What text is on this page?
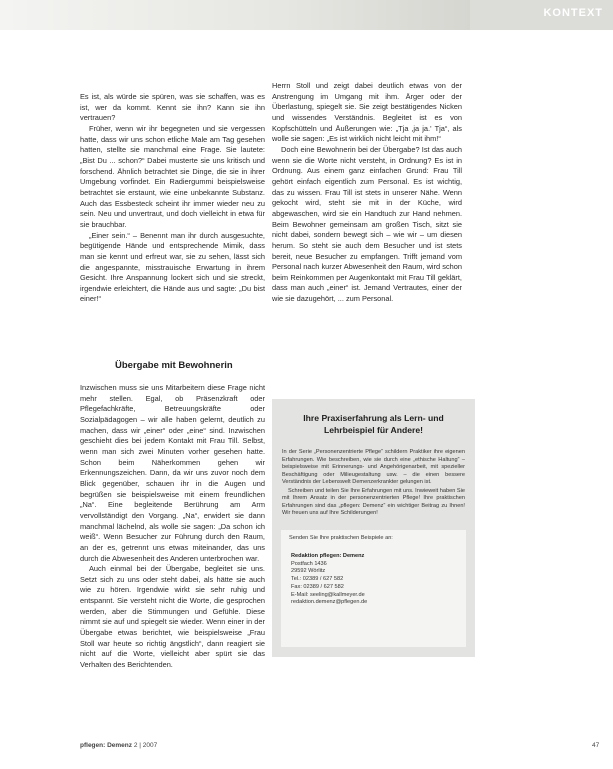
KONTEXT

Es ist, als würde sie spüren, was sie schaffen, was es ist, wer da kommt. Kennt sie ihn? Kann sie ihn vertrauen?

Früher, wenn wir ihr begegneten und sie vergessen hatte, dass wir uns schon etliche Male am Tag gesehen hatten, stellte sie manchmal eine Frage. Sie lautete: „Bist Du ... schon?“ Dabei musterte sie uns kritisch und forschend. Ähnlich betrachtet sie Dinge, die sie in ihrer Umgebung vorfindet. Ein Radiergummi beispielsweise betrachtet sie erstaunt, wie eine unbekannte Substanz. Auch das Essbesteck scheint ihr immer wieder neu zu sein. Neu und unvertraut, und doch vielleicht in etwa für sie brauchbar.

„Einer sein.“ – Benennt man ihr durch ausgesuchte, begütigende Hände und entsprechende Mimik, dass man sie kennt und erfreut war, sie zu sehen, lässt sich die angespannte, misstrauische Erwartung in ihrem Gesicht. Ihre Anspannung lockert sich und sie streckt, irgendwie erleichtert, die Hände aus und sagte: „Du bist einer!“

Übergabe mit Bewohnerin

Inzwischen muss sie uns Mitarbeitern diese Frage nicht mehr stellen. Egal, ob Präsenzkraft oder Pflegefachkräfte, Betreuungskräfte oder Sozialpädagogen – wir alle haben gelernt, deutlich zu machen, dass wir „einer“ oder „eine“ sind. Inzwischen geschieht dies bei jedem Kontakt mit Frau Till. Selbst, wenn man sich zwei Minuten vorher gesehen hatte. Schon beim Näherkommen gehen wir Erkennungszeichen. Dann, da wir uns zuvor noch dem Blick gegenüber, schauen ihr in die Augen und begrüßen sie beispielsweise mit einem freundlichen „Na“. Eine begleitende Berührung am Arm vervollständigt den Vorgang. „Na“, erwidert sie dann manchmal lächelnd, als wolle sie sagen: „Da schon ich weiß“. Wenn Besucher zur Führung durch den Raum, an der es, getrennt uns etwas miteinander, das uns durch die Abwesenheit des Anderen unterbrochen war.

Auch einmal bei der Übergabe, begleitet sie uns. Setzt sich zu uns oder steht dabei, als hätte sie auch wie zu hören. Irgendwie wirkt sie sehr ruhig und entspannt. Sie versteht nicht die Worte, die gesprochen werden, aber die Stimmungen und Gefühle. Diese nimmt sie auf und spiegelt sie wieder. Wenn einer in der Übergabe etwas berichtet, wie beispielsweise „Frau Stoll war heute so richtig ängstlich“, dann reagiert sie nicht auf die Worte, vielleicht aber spürt sie das Verhalten des Berichtenden.

Herrn Stoll und zeigt dabei deutlich etwas von der Anstrengung im Umgang mit ihm. Ärger oder der Überlastung, spiegelt sie. Sie zeigt bestätigendes Nicken und wissendes Verständnis. Begleitet ist es von Kopfschütteln und Äußerungen wie: „Tja ‚ja ja.' Tja“, als wolle sie sagen: „Es ist wirklich nicht leicht mit ihm!“

Doch eine Bewohnerin bei der Übergabe? Ist das auch wenn sie die Worte nicht versteht, in Ordnung? Es ist in Ordnung. Aus einem ganz einfachen Grund: Frau Till gehört einfach eigentlich zum Personal. Es ist wichtig, das zu wissen. Frau Till ist stets in unserer Nähe. Wenn gekocht wird, steht sie mit in der Küche, wird abgewaschen, wird sie ein Handtuch zur Hand nehmen. Beim Bewohner gemeinsam am großen Tisch, sitzt sie nicht dabei, sondern bewegt sich – wie wir – um diesen herum. So steht sie auch dem Besucher und ist stets bereit, neue Besucher zu empfangen. Trifft jemand vom Personal nach kurzer Abwesenheit den Raum, wird schon beim Reinkommen per Augenkontakt mit Frau Till geklärt, dass man auch „einer“ ist. Jemand Vertrautes, einer der wie sie dazugehört, ... zum Personal.

Ihre Praxiserfahrung als Lern- und
Lehrbeispiel für Andere!

In der Serie „Personenzentrierte Pflege“ schildern Praktiker ihre eigenen Erfahrungen. Wie beschreiben, wie sie durch eine „ethische Haltung“ – beispielsweise mit Erinnerungs- und Angehörigenarbeit, mit spezieller Beschäftigung oder Milieugestaltung usw. – die einen bessere Verständnis der Lebenswelt Demenzerkrankter gelungen ist.

Schreiben und teilen Sie Ihre Erfahrungen mit uns. Inwieweit haben Sie mit Ihrem Ansatz in der personenzentrierten Pflege! Ihre praktischen Erfahrungen sind das „pflegen: Demenz“ ein wichtiger Beitrag zu Ihnen! Wir freuen uns auf Ihre Schilderungen!

Senden Sie Ihre praktischen Beispiele an:
Redaktion pflegen: Demenz
Postfach 1436
29592 Wörlitz
Tel.: 02389 / 627 582
Fax: 02389 / 627 582
E-Mail: seeling@kallmeyer.de
redaktion.demenz@pflegen.de
pflegen: Demenz 2 | 2007	47
